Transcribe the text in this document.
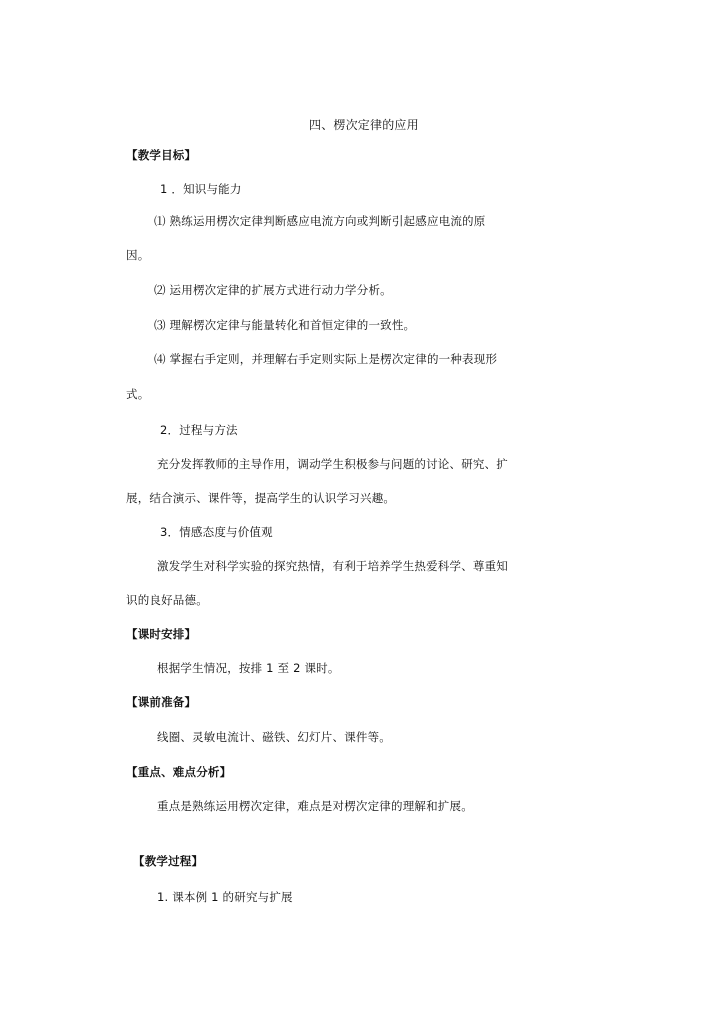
四、楞次定律的应用
【教学目标】
1 ．知识与能力
⑴ 熟练运用楞次定律判断感应电流方向或判断引起感应电流的原
因。
⑵ 运用楞次定律的扩展方式进行动力学分析。
⑶ 理解楞次定律与能量转化和首恒定律的一致性。
⑷ 掌握右手定则，并理解右手定则实际上是楞次定律的一种表现形
式。
2．过程与方法
充分发挥教师的主导作用，调动学生积极参与问题的讨论、研究、扩
展，结合演示、课件等，提高学生的认识学习兴趣。
3．情感态度与价值观
激发学生对科学实验的探究热情，有利于培养学生热爱科学、尊重知
识的良好品德。
【课时安排】
根据学生情况，按排 1 至 2 课时。
【课前准备】
线圈、灵敏电流计、磁铁、幻灯片、课件等。
【重点、难点分析】
重点是熟练运用楞次定律，难点是对楞次定律的理解和扩展。
【教学过程】
1. 课本例 1 的研究与扩展
